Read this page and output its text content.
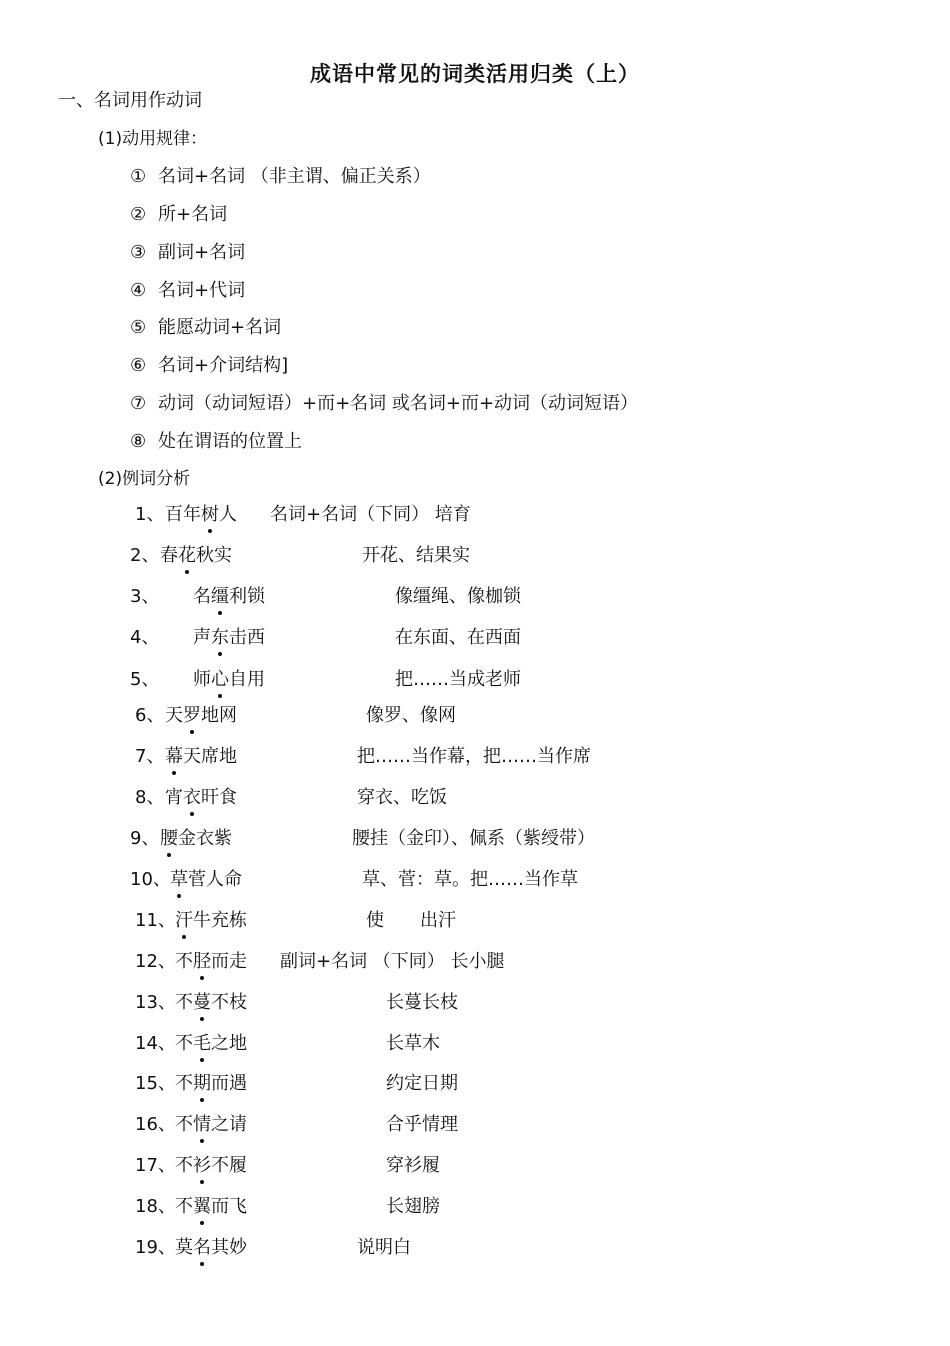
成语中常见的词类活用归类（上）
一、名词用作动词
(1)动用规律：
① 名词+名词 （非主谓、偏正关系）
② 所+名词
③ 副词+名词
④ 名词+代词
⑤ 能愿动词+名词
⑥ 名词+介词结构]
⑦ 动词（动词短语）+而+名词 或名词+而+动词（动词短语）
⑧ 处在谓语的位置上
(2)例词分析
1、 百年树人 名词+名词（下同） 培育
2、 春花秋实	开花、结果实
3、 名缰利锁	像缰绳、像枷锁
4、 声东击西	在东面、在西面
5、 师心自用	把……当成老师
6、 天罗地网	像罗、像网
7、 幕天席地	把……当作幕，把……当作席
8、 宵衣旰食	穿衣、吃饭
9、 腰金衣紫	腰挂（金印）、佩系（紫绶带）
10、 草菅人命	草、菅：草。把……当作草
11、 汗牛充栋	使　　出汗
12、 不胫而走 副词+名词 （下同） 长小腿
13、 不蔓不枝	长蔓长枝
14、 不毛之地	长草木
15、 不期而遇	约定日期
16、 不情之请	合乎情理
17、 不衫不履	穿衫履
18、 不翼而飞	长翅膀
19、 莫名其妙	说明白
